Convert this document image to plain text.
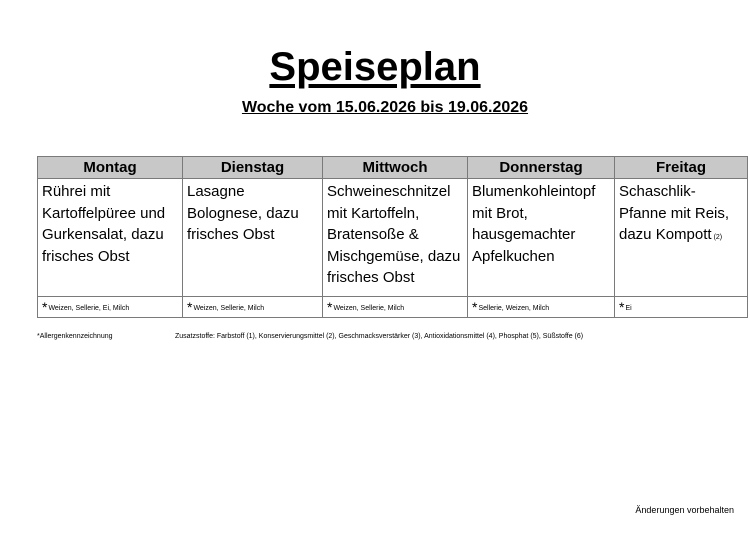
Speiseplan
Woche vom 15.06.2026 bis 19.06.2026
Montag	Dienstag	Mittwoch	Donnerstag	Freitag
Rührei mit Kartoffelpüree und Gurkensalat, dazu frisches Obst	Lasagne Bolognese, dazu frisches Obst	Schweineschnitzel mit Kartoffeln, Bratensoße & Mischgemüse, dazu frisches Obst	Blumenkohleintopf mit Brot, hausgemachter Apfelkuchen	Schaschlik-Pfanne mit Reis, dazu Kompott (2)
*Weizen, Sellerie, Ei, Milch	*Weizen, Sellerie, Milch	*Weizen, Sellerie, Milch	*Sellerie, Weizen, Milch	*Ei
*Allergenkennzeichnung	Zusatzstoffe: Farbstoff (1), Konservierungsmittel (2), Geschmacksverstärker (3), Antioxidationsmittel (4), Phosphat (5), Süßstoffe (6)
Änderungen vorbehalten
